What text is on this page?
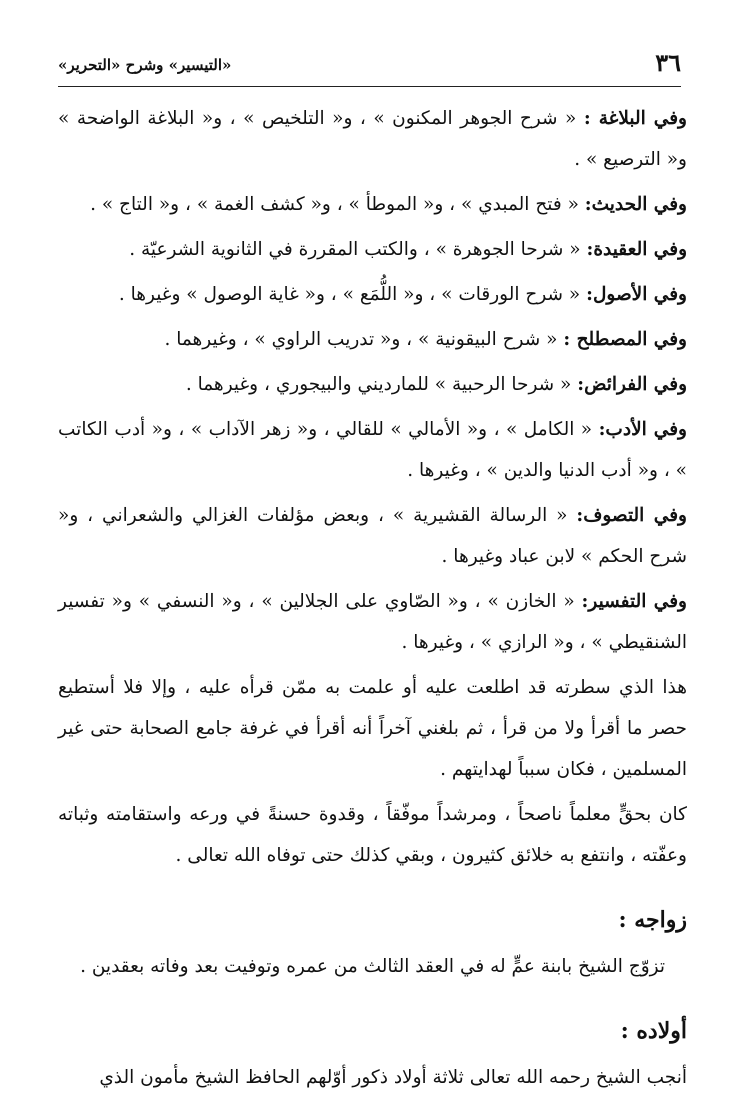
٣٦
«التيسير» وشرح «التحرير»

وفي البلاغة : « شرح الجوهر المكنون » ، و« التلخيص » ، و« البلاغة الواضحة » و« الترصيع » .

وفي الحديث: « فتح المبدي » ، و« الموطأ » ، و« كشف الغمة » ، و« التاج » .

وفي العقيدة: « شرحا الجوهرة » ، والكتب المقررة في الثانوية الشرعيّة .

وفي الأصول: « شرح الورقات » ، و« اللُّمَع » ، و« غاية الوصول » وغيرها .

وفي المصطلح : « شرح البيقونية » ، و« تدريب الراوي » ، وغيرهما .

وفي الفرائض: « شرحا الرحبية » للمارديني والبيجوري ، وغيرهما .

وفي الأدب: « الكامل » ، و« الأمالي » للقالي ، و« زهر الآداب » ، و« أدب الكاتب » ، و« أدب الدنيا والدين » ، وغيرها .

وفي التصوف: « الرسالة القشيرية » ، وبعض مؤلفات الغزالي والشعراني ، و« شرح الحكم » لابن عباد وغيرها .

وفي التفسير: « الخازن » ، و« الصّاوي على الجلالين » ، و« النسفي » و« تفسير الشنقيطي » ، و« الرازي » ، وغيرها .

هذا الذي سطرته قد اطلعت عليه أو علمت به ممّن قرأه عليه ، وإلا فلا أستطيع حصر ما أقرأ ولا من قرأ ، ثم بلغني آخراً أنه أقرأ في غرفة جامع الصحابة حتى غير المسلمين ، فكان سبباً لهدايتهم .

كان بحقٍّ معلماً ناصحاً ، ومرشداً موفّقاً ، وقدوة حسنةً في ورعه واستقامته وثباته وعفّته ، وانتفع به خلائق كثيرون ، وبقي كذلك حتى توفاه الله تعالى .

زواجه :

تزوّج الشيخ بابنة عمٍّ له في العقد الثالث من عمره وتوفيت بعد وفاته بعقدين .

أولاده :

أنجب الشيخ رحمه الله تعالى ثلاثة أولاد ذكور أوّلهم الحافظ الشيخ مأمون الذي
